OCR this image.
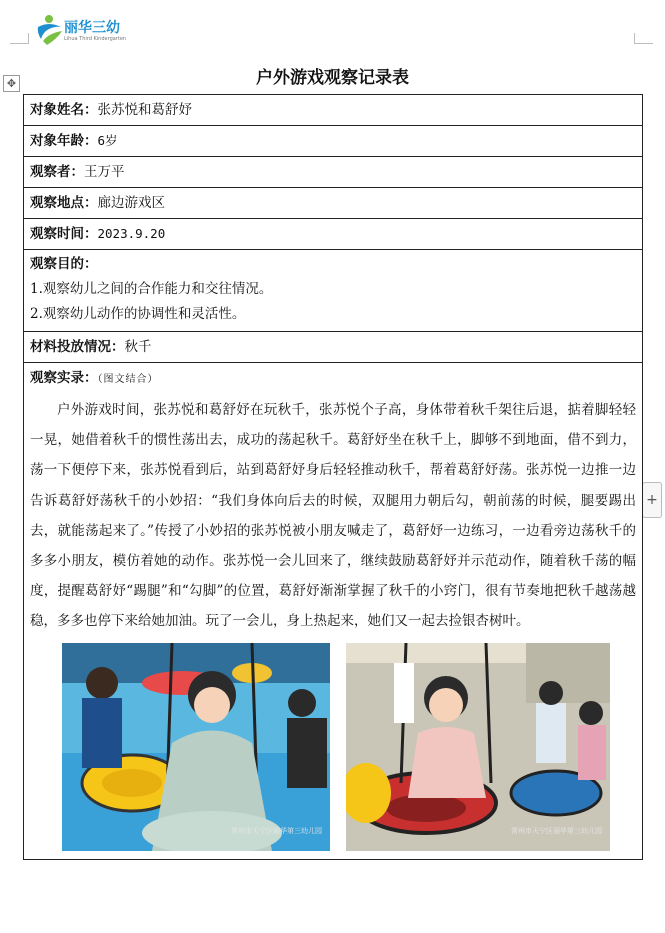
丽华三幼
Lihua Third Kindergarten
✥
+
户外游戏观察记录表
对象姓名：张苏悦和葛舒妤
对象年龄：6岁
观察者：王万平
观察地点：廊边游戏区
观察时间：2023.9.20

观察目的：
1.观察幼儿之间的合作能力和交往情况。
2.观察幼儿动作的协调性和灵活性。

材料投放情况：秋千
观察实录：（图文结合）
户外游戏时间，张苏悦和葛舒妤在玩秋千，张苏悦个子高，身体带着秋千架往后退，掂着脚轻轻一晃，她借着秋千的惯性荡出去，成功的荡起秋千。葛舒妤坐在秋千上，脚够不到地面，借不到力，荡一下便停下来，张苏悦看到后，站到葛舒妤身后轻轻推动秋千，帮着葛舒妤荡。张苏悦一边推一边告诉葛舒妤荡秋千的小妙招：“我们身体向后去的时候，双腿用力朝后勾，朝前荡的时候，腿要踢出去，就能荡起来了。”传授了小妙招的张苏悦被小朋友喊走了，葛舒妤一边练习，一边看旁边荡秋千的多多小朋友，模仿着她的动作。张苏悦一会儿回来了，继续鼓励葛舒妤并示范动作，随着秋千荡的幅度，提醒葛舒妤“踢腿”和“勾脚”的位置，葛舒妤渐渐掌握了秋千的小窍门，很有节奏地把秋千越荡越稳，多多也停下来给她加油。玩了一会儿，身上热起来，她们又一起去捡银杏树叶。
常州市天宁区丽华第三幼儿园	常州市天宁区丽华第三幼儿园
